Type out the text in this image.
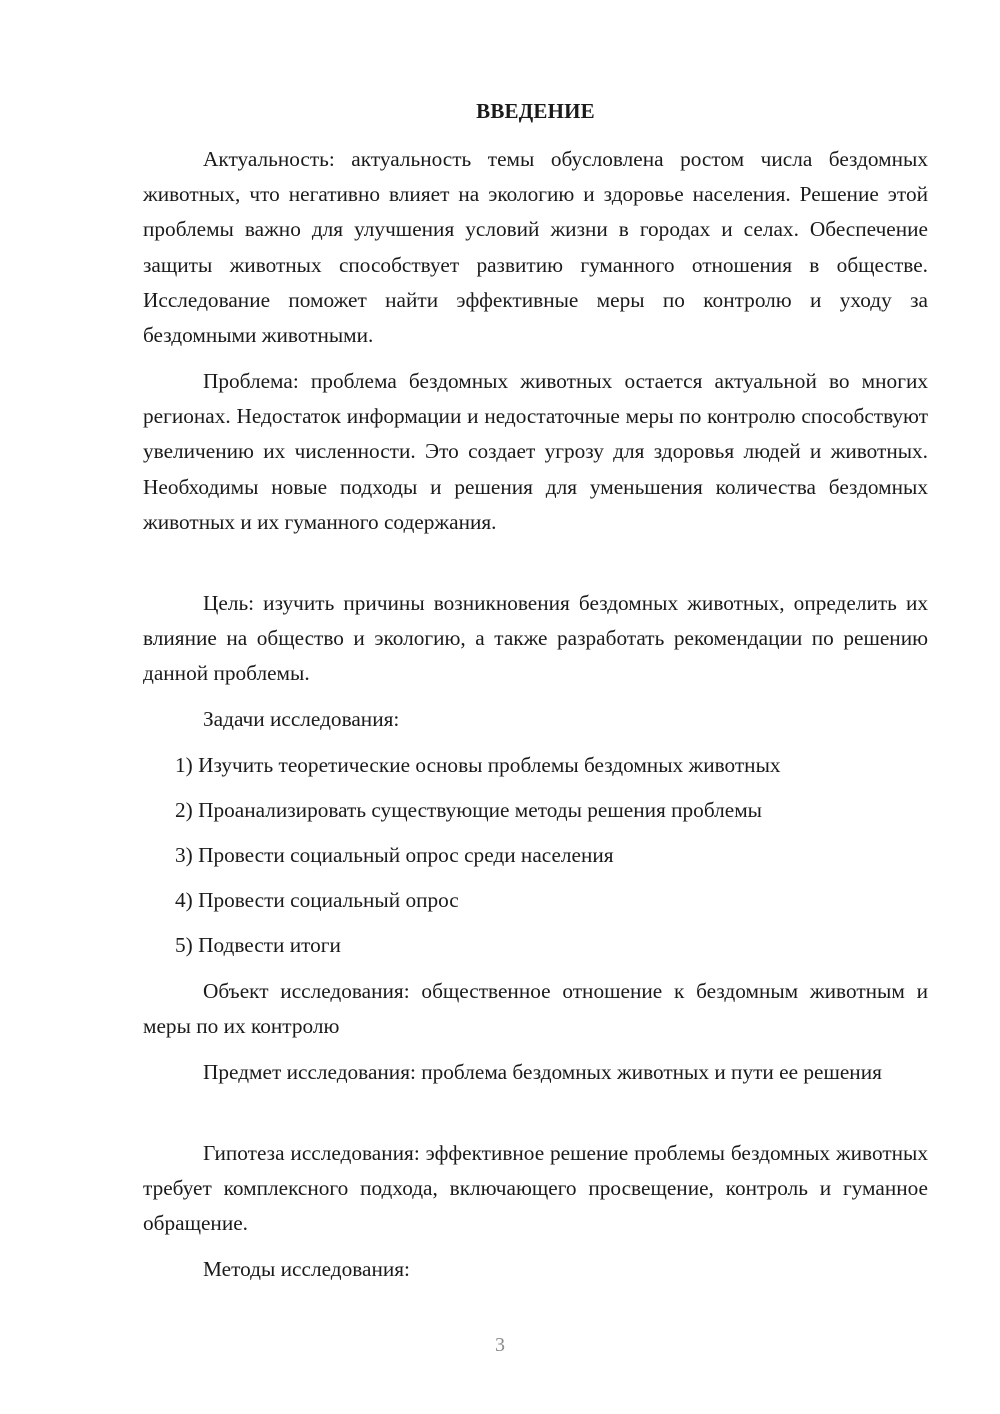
ВВЕДЕНИЕ

Актуальность: актуальность темы обусловлена ростом числа бездомных животных, что негативно влияет на экологию и здоровье населения. Решение этой проблемы важно для улучшения условий жизни в городах и селах. Обеспечение защиты животных способствует развитию гуманного отношения в обществе. Исследование поможет найти эффективные меры по контролю и уходу за бездомными животными.

Проблема: проблема бездомных животных остается актуальной во многих регионах. Недостаток информации и недостаточные меры по контролю способствуют увеличению их численности. Это создает угрозу для здоровья людей и животных. Необходимы новые подходы и решения для уменьшения количества бездомных животных и их гуманного содержания.

Цель: изучить причины возникновения бездомных животных, определить их влияние на общество и экологию, а также разработать рекомендации по решению данной проблемы.

Задачи исследования:

1) Изучить теоретические основы проблемы бездомных животных
2) Проанализировать существующие методы решения проблемы
3) Провести социальный опрос среди населения
4) Провести социальный опрос
5) Подвести итоги

Объект исследования: общественное отношение к бездомным животным и меры по их контролю

Предмет исследования: проблема бездомных животных и пути ее решения

Гипотеза исследования: эффективное решение проблемы бездомных животных требует комплексного подхода, включающего просвещение, контроль и гуманное обращение.

Методы исследования:

3
